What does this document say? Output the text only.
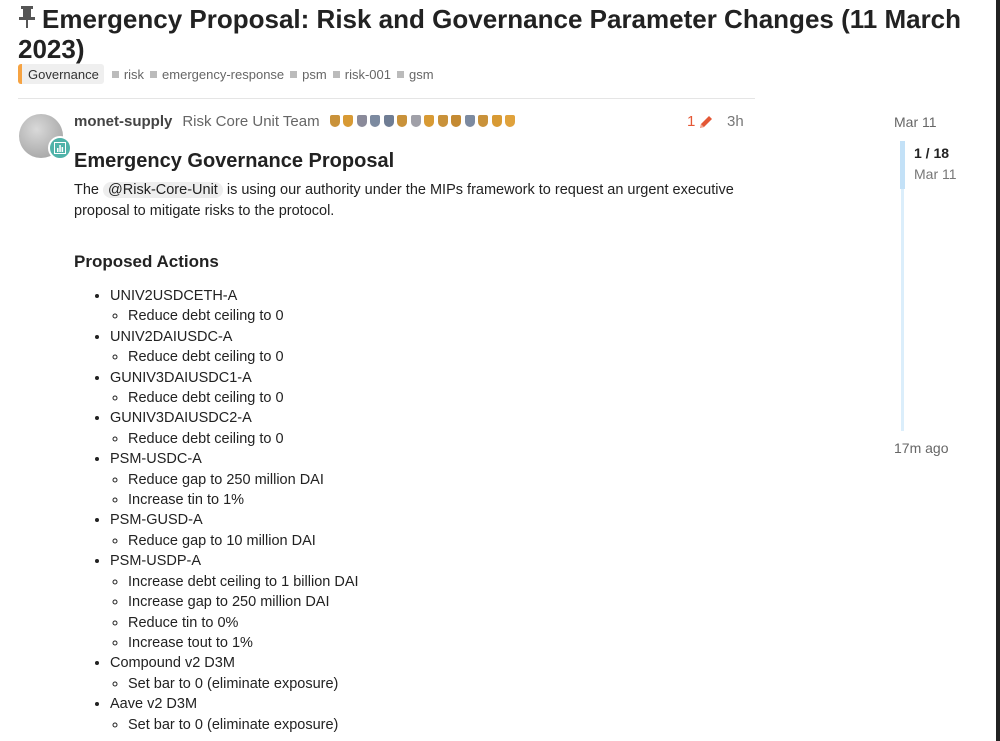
Emergency Proposal: Risk and Governance Parameter Changes (11 March 2023)
Governance	risk emergency-response psm risk-001 gsm
monet-supply Risk Core Unit Team	1 3h
Emergency Governance Proposal

The @Risk-Core-Unit is using our authority under the MIPs framework to request an urgent executive proposal to mitigate risks to the protocol.

Proposed Actions
• UNIV2USDCETH-A
◦ Reduce debt ceiling to 0
• UNIV2DAIUSDC-A
◦ Reduce debt ceiling to 0
• GUNIV3DAIUSDC1-A
◦ Reduce debt ceiling to 0
• GUNIV3DAIUSDC2-A
◦ Reduce debt ceiling to 0
• PSM-USDC-A
◦ Reduce gap to 250 million DAI
◦ Increase tin to 1%
• PSM-GUSD-A
◦ Reduce gap to 10 million DAI
• PSM-USDP-A
◦ Increase debt ceiling to 1 billion DAI
◦ Increase gap to 250 million DAI
◦ Reduce tin to 0%
◦ Increase tout to 1%
• Compound v2 D3M
◦ Set bar to 0 (eliminate exposure)
• Aave v2 D3M
◦ Set bar to 0 (eliminate exposure)
Mar 11
1 / 18
Mar 11
17m ago
